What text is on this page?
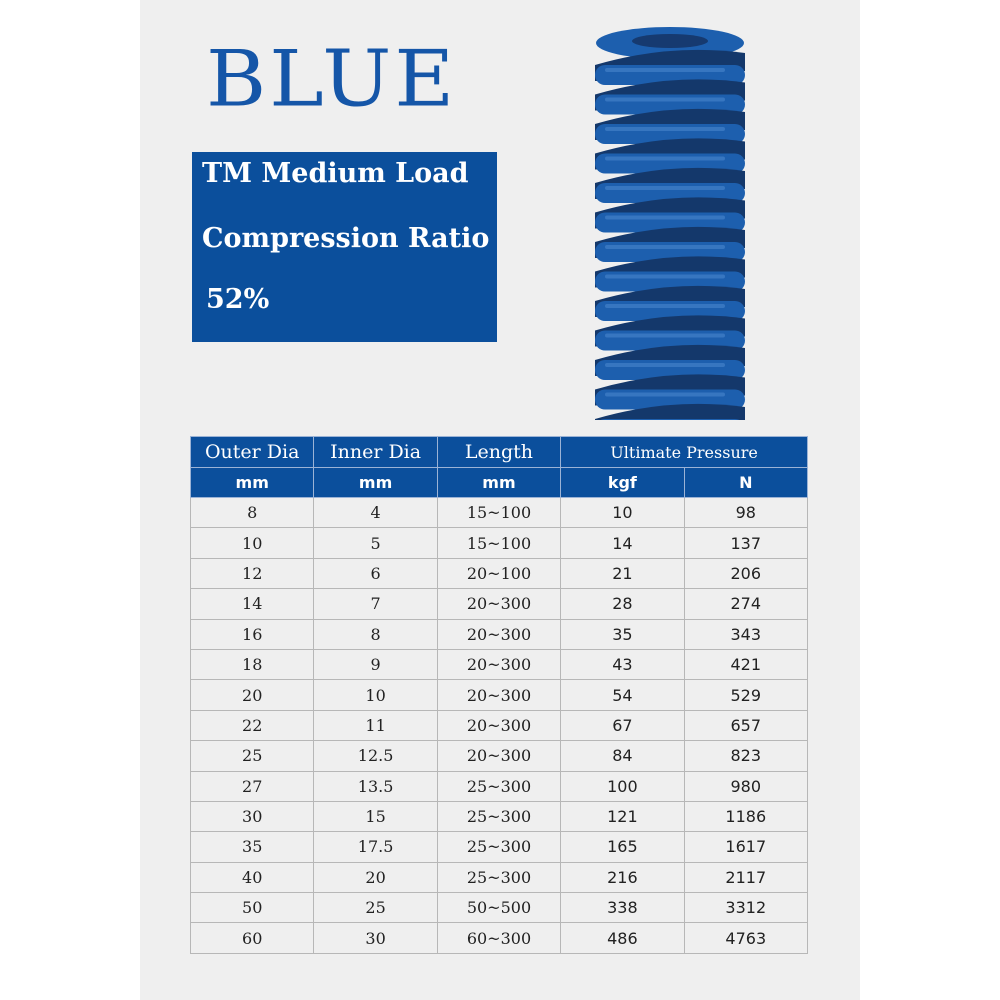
BLUE
TM Medium Load
Compression Ratio
52%
Outer Dia	Inner Dia	Length	Ultimate Pressure	
mm	mm	mm	kgf	N
8	4	15~100	10	98
10	5	15~100	14	137
12	6	20~100	21	206
14	7	20~300	28	274
16	8	20~300	35	343
18	9	20~300	43	421
20	10	20~300	54	529
22	11	20~300	67	657
25	12.5	20~300	84	823
27	13.5	25~300	100	980
30	15	25~300	121	1186
35	17.5	25~300	165	1617
40	20	25~300	216	2117
50	25	50~500	338	3312
60	30	60~300	486	4763
